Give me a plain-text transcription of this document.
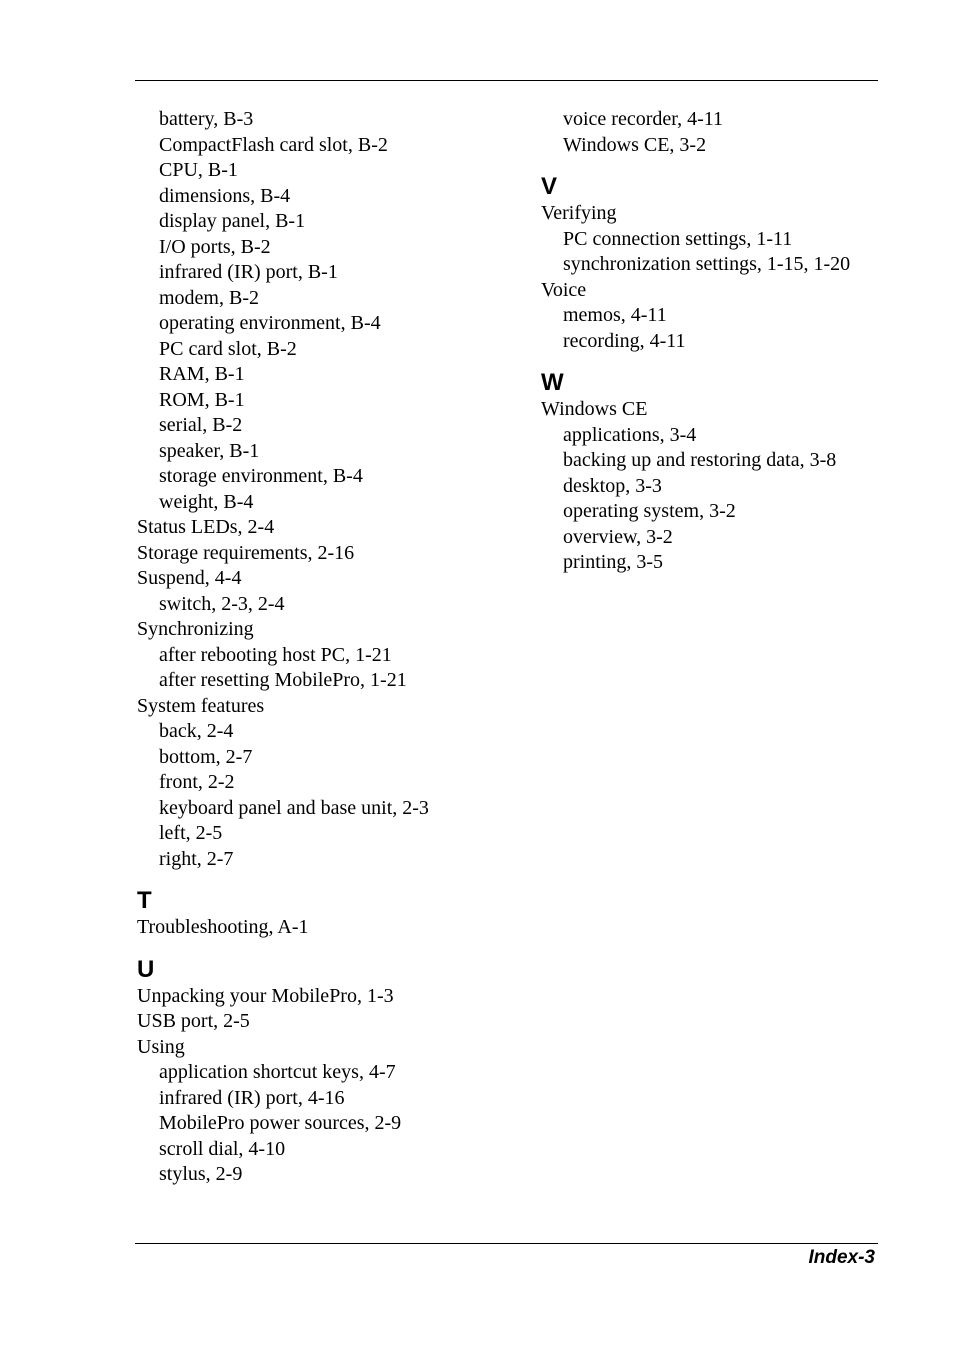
battery, B-3
CompactFlash card slot, B-2
CPU, B-1
dimensions, B-4
display panel, B-1
I/O ports, B-2
infrared (IR) port, B-1
modem, B-2
operating environment, B-4
PC card slot, B-2
RAM, B-1
ROM, B-1
serial, B-2
speaker, B-1
storage environment, B-4
weight, B-4
Status LEDs, 2-4
Storage requirements, 2-16
Suspend, 4-4
switch, 2-3, 2-4
Synchronizing
after rebooting host PC, 1-21
after resetting MobilePro, 1-21
System features
back, 2-4
bottom, 2-7
front, 2-2
keyboard panel and base unit, 2-3
left, 2-5
right, 2-7
T
Troubleshooting, A-1
U
Unpacking your MobilePro, 1-3
USB port, 2-5
Using
application shortcut keys, 4-7
infrared (IR) port, 4-16
MobilePro power sources, 2-9
scroll dial, 4-10
stylus, 2-9
voice recorder, 4-11
Windows CE, 3-2
V
Verifying
PC connection settings, 1-11
synchronization settings, 1-15, 1-20
Voice
memos, 4-11
recording, 4-11
W
Windows CE
applications, 3-4
backing up and restoring data, 3-8
desktop, 3-3
operating system, 3-2
overview, 3-2
printing, 3-5
Index-3
